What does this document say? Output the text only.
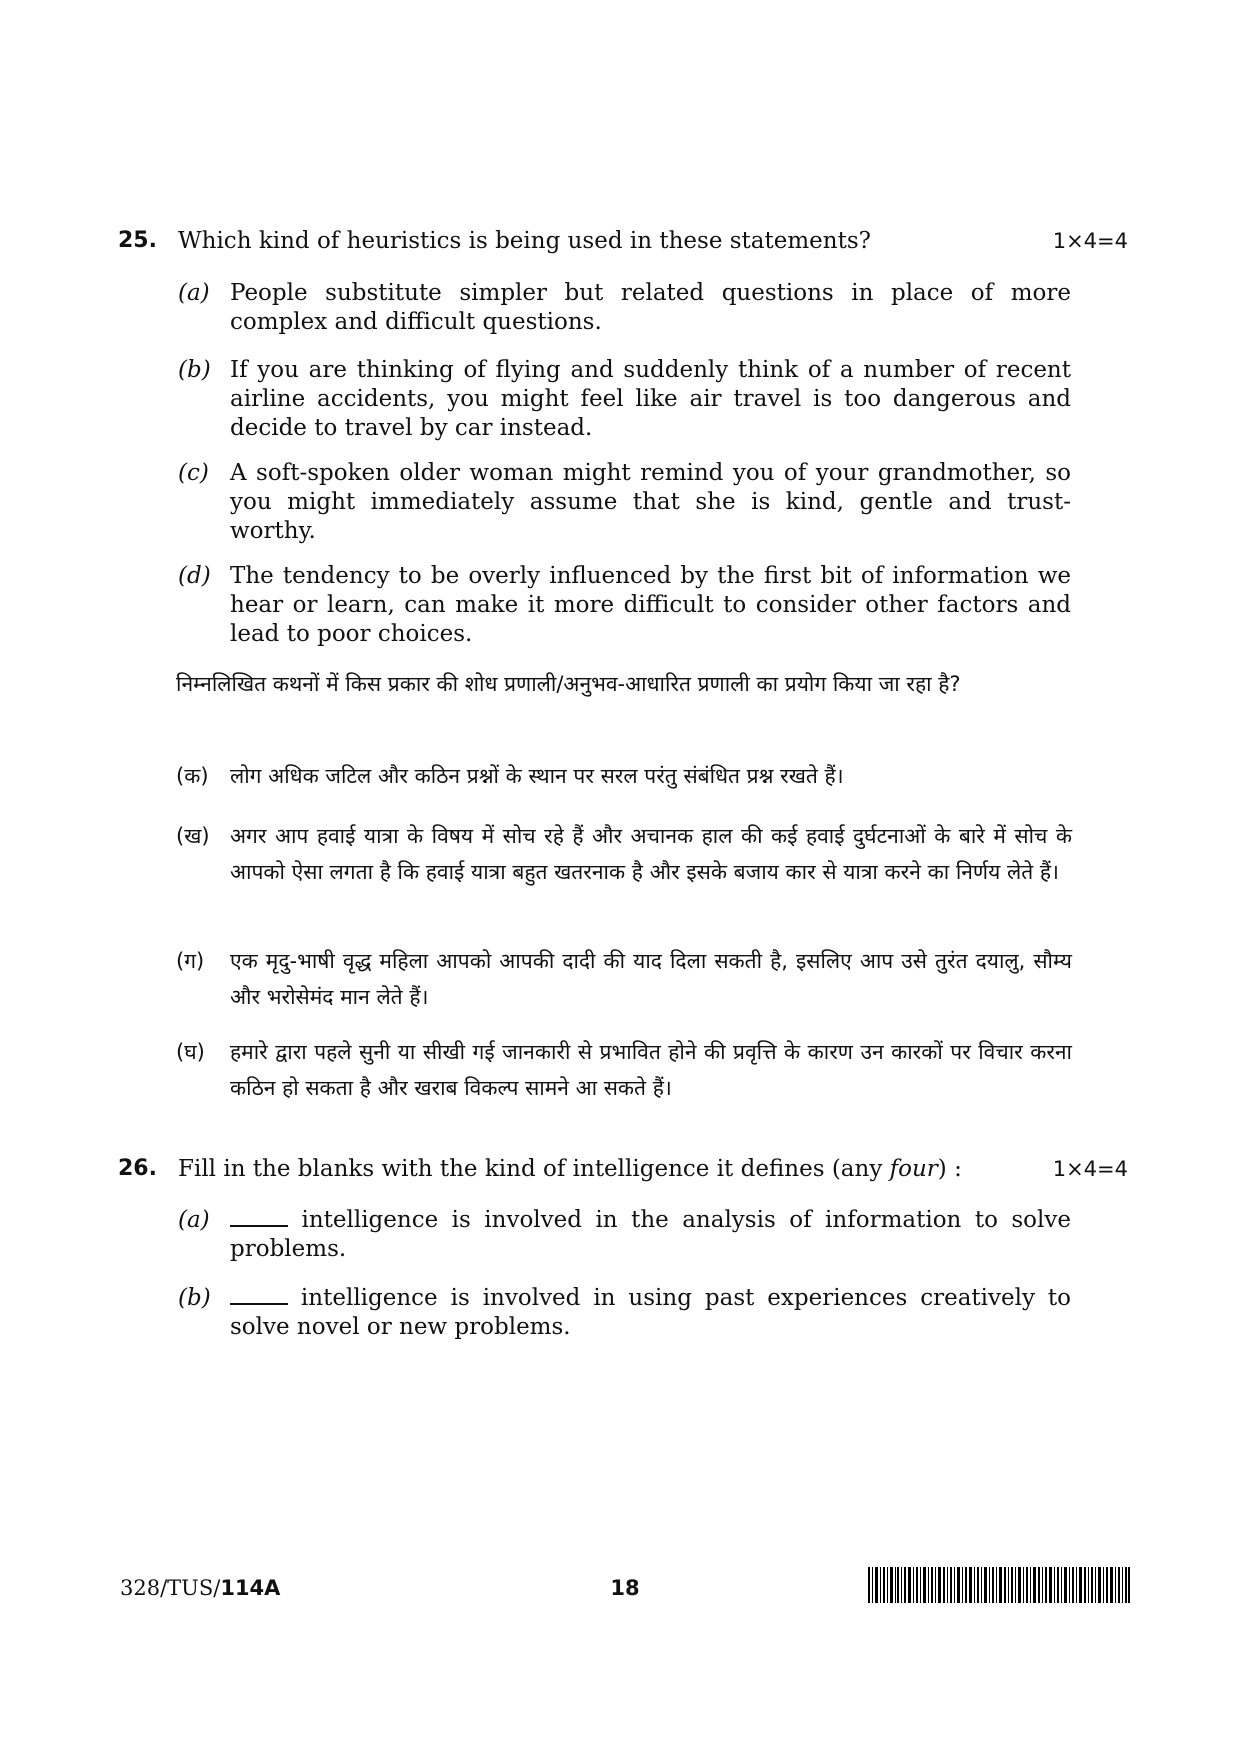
25. Which kind of heuristics is being used in these statements?	1×4=4
(a) People substitute simpler but related questions in place of more complex and difficult questions.
(b) If you are thinking of flying and suddenly think of a number of recent airline accidents, you might feel like air travel is too dangerous and decide to travel by car instead.
(c) A soft-spoken older woman might remind you of your grandmother, so you might immediately assume that she is kind, gentle and trust-worthy.
(d) The tendency to be overly influenced by the first bit of information we hear or learn, can make it more difficult to consider other factors and lead to poor choices.
निम्नलिखित कथनों में किस प्रकार की शोध प्रणाली/अनुभव-आधारित प्रणाली का प्रयोग किया जा रहा है?
(क) लोग अधिक जटिल और कठिन प्रश्नों के स्थान पर सरल परंतु संबंधित प्रश्न रखते हैं।
(ख) अगर आप हवाई यात्रा के विषय में सोच रहे हैं और अचानक हाल की कई हवाई दुर्घटनाओं के बारे में सोच के आपको ऐसा लगता है कि हवाई यात्रा बहुत खतरनाक है और इसके बजाय कार से यात्रा करने का निर्णय लेते हैं।
(ग) एक मृदु-भाषी वृद्ध महिला आपको आपकी दादी की याद दिला सकती है, इसलिए आप उसे तुरंत दयालु, सौम्य और भरोसेमंद मान लेते हैं।
(घ) हमारे द्वारा पहले सुनी या सीखी गई जानकारी से प्रभावित होने की प्रवृत्ति के कारण उन कारकों पर विचार करना कठिन हो सकता है और खराब विकल्प सामने आ सकते हैं।
26. Fill in the blanks with the kind of intelligence it defines (any four) :	1×4=4
(a)	intelligence is involved in the analysis of information to solve problems.
(b)	intelligence is involved in using past experiences creatively to solve novel or new problems.
328/TUS/114A	18
